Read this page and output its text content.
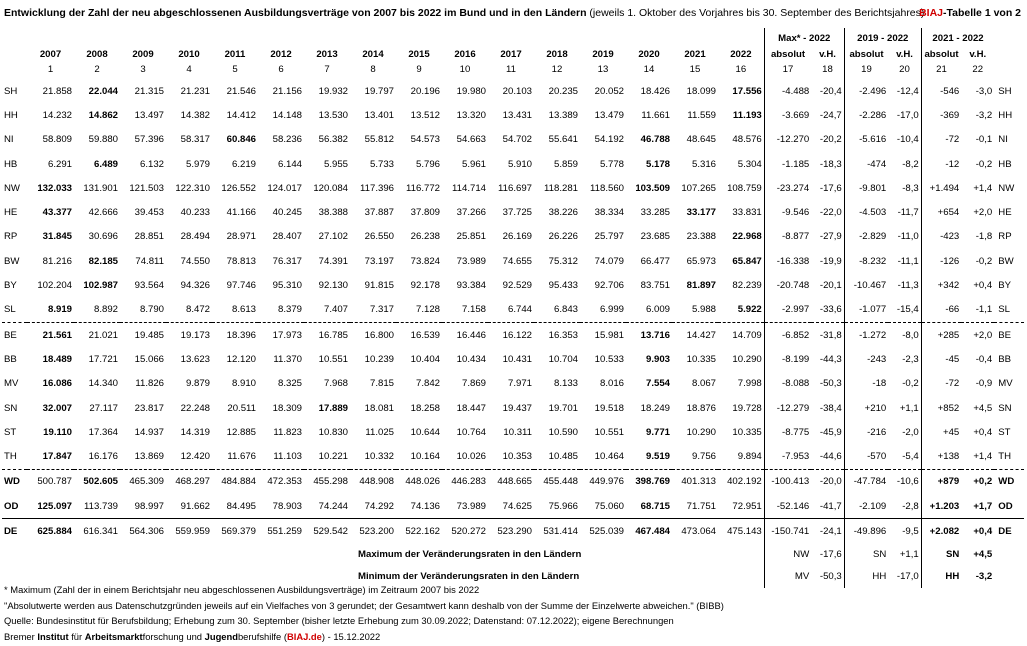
Entwicklung der Zahl der neu abgeschlossenen Ausbildungsverträge von 2007 bis 2022 im Bund und in den Ländern (jeweils 1. Oktober des Vorjahres bis 30. September des Berichtsjahres)
BIAJ-Tabelle 1 von 2
																	Max* - 2022		2019 - 2022		2021 - 2022		
	2007	2008	2009	2010	2011	2012	2013	2014	2015	2016	2017	2018	2019	2020	2021	2022	absolut	v.H.	absolut	v.H.	absolut	v.H.	
	1	2	3	4	5	6	7	8	9	10	11	12	13	14	15	16	17	18	19	20	21	22	
SH	21.858	22.044	21.315	21.231	21.546	21.156	19.932	19.797	20.196	19.980	20.103	20.235	20.052	18.426	18.099	17.556	-4.488	-20,4	-2.496	-12,4	-546	-3,0	SH
HH	14.232	14.862	13.497	14.382	14.412	14.148	13.530	13.401	13.512	13.320	13.431	13.389	13.479	11.661	11.559	11.193	-3.669	-24,7	-2.286	-17,0	-369	-3,2	HH
NI	58.809	59.880	57.396	58.317	60.846	58.236	56.382	55.812	54.573	54.663	54.702	55.641	54.192	46.788	48.645	48.576	-12.270	-20,2	-5.616	-10,4	-72	-0,1	NI
HB	6.291	6.489	6.132	5.979	6.219	6.144	5.955	5.733	5.796	5.961	5.910	5.859	5.778	5.178	5.316	5.304	-1.185	-18,3	-474	-8,2	-12	-0,2	HB
NW	132.033	131.901	121.503	122.310	126.552	124.017	120.084	117.396	116.772	114.714	116.697	118.281	118.560	103.509	107.265	108.759	-23.274	-17,6	-9.801	-8,3	+1.494	+1,4	NW
HE	43.377	42.666	39.453	40.233	41.166	40.245	38.388	37.887	37.809	37.266	37.725	38.226	38.334	33.285	33.177	33.831	-9.546	-22,0	-4.503	-11,7	+654	+2,0	HE
RP	31.845	30.696	28.851	28.494	28.971	28.407	27.102	26.550	26.238	25.851	26.169	26.226	25.797	23.685	23.388	22.968	-8.877	-27,9	-2.829	-11,0	-423	-1,8	RP
BW	81.216	82.185	74.811	74.550	78.813	76.317	74.391	73.197	73.824	73.989	74.655	75.312	74.079	66.477	65.973	65.847	-16.338	-19,9	-8.232	-11,1	-126	-0,2	BW
BY	102.204	102.987	93.564	94.326	97.746	95.310	92.130	91.815	92.178	93.384	92.529	95.433	92.706	83.751	81.897	82.239	-20.748	-20,1	-10.467	-11,3	+342	+0,4	BY
SL	8.919	8.892	8.790	8.472	8.613	8.379	7.407	7.317	7.128	7.158	6.744	6.843	6.999	6.009	5.988	5.922	-2.997	-33,6	-1.077	-15,4	-66	-1,1	SL
BE	21.561	21.021	19.485	19.173	18.396	17.973	16.785	16.800	16.539	16.446	16.122	16.353	15.981	13.716	14.427	14.709	-6.852	-31,8	-1.272	-8,0	+285	+2,0	BE
BB	18.489	17.721	15.066	13.623	12.120	11.370	10.551	10.239	10.404	10.434	10.431	10.704	10.533	9.903	10.335	10.290	-8.199	-44,3	-243	-2,3	-45	-0,4	BB
MV	16.086	14.340	11.826	9.879	8.910	8.325	7.968	7.815	7.842	7.869	7.971	8.133	8.016	7.554	8.067	7.998	-8.088	-50,3	-18	-0,2	-72	-0,9	MV
SN	32.007	27.117	23.817	22.248	20.511	18.309	17.889	18.081	18.258	18.447	19.437	19.701	19.518	18.249	18.876	19.728	-12.279	-38,4	+210	+1,1	+852	+4,5	SN
ST	19.110	17.364	14.937	14.319	12.885	11.823	10.830	11.025	10.644	10.764	10.311	10.590	10.551	9.771	10.290	10.335	-8.775	-45,9	-216	-2,0	+45	+0,4	ST
TH	17.847	16.176	13.869	12.420	11.676	11.103	10.221	10.332	10.164	10.026	10.353	10.485	10.464	9.519	9.756	9.894	-7.953	-44,6	-570	-5,4	+138	+1,4	TH
WD	500.787	502.605	465.309	468.297	484.884	472.353	455.298	448.908	448.026	446.283	448.665	455.448	449.976	398.769	401.313	402.192	-100.413	-20,0	-47.784	-10,6	+879	+0,2	WD
OD	125.097	113.739	98.997	91.662	84.495	78.903	74.244	74.292	74.136	73.989	74.625	75.966	75.060	68.715	71.751	72.951	-52.146	-41,7	-2.109	-2,8	+1.203	+1,7	OD
DE	625.884	616.341	564.306	559.959	569.379	551.259	529.542	523.200	522.162	520.272	523.290	531.414	525.039	467.484	473.064	475.143	-150.741	-24,1	-49.896	-9,5	+2.082	+0,4	DE
								Maximum der Veränderungsraten in den Ländern									NW	-17,6	SN	+1,1	SN	+4,5	
								Minimum der Veränderungsraten in den Ländern									MV	-50,3	HH	-17,0	HH	-3,2	
* Maximum (Zahl der in einem Berichtsjahr neu abgeschlossenen Ausbildungsverträge) im Zeitraum 2007 bis 2022
"Absolutwerte werden aus Datenschutzgründen jeweils auf ein Vielfaches von 3 gerundet; der Gesamtwert kann deshalb von der Summe der Einzelwerte abweichen." (BIBB)
Quelle: Bundesinstitut für Berufsbildung; Erhebung zum 30. September (bisher letzte Erhebung zum 30.09.2022; Datenstand: 07.12.2022); eigene Berechnungen
Bremer Institut für Arbeitsmarktforschung und Jugendberufshilfe (BIAJ.de) - 15.12.2022
